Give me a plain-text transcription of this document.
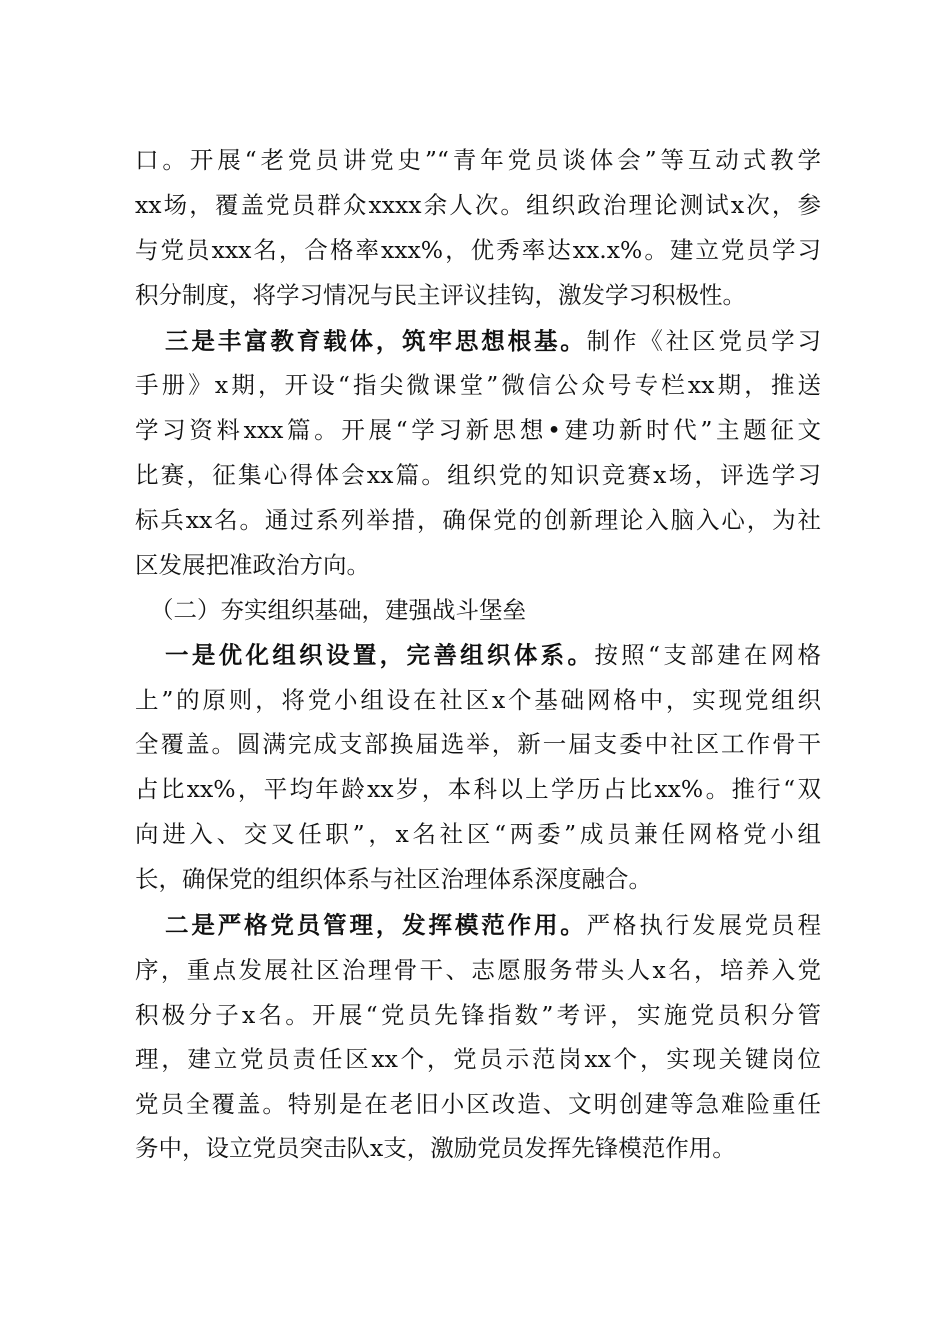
口。开展“老党员讲党史”“青年党员谈体会”等互动式教学
xx场，覆盖党员群众xxxx余人次。组织政治理论测试x次，参
与党员xxx名，合格率xxx%，优秀率达xx.x%。建立党员学习
积分制度，将学习情况与民主评议挂钩，激发学习积极性。
三是丰富教育载体，筑牢思想根基。制作《社区党员学习
手册》x期，开设“指尖微课堂”微信公众号专栏xx期，推送
学习资料xxx篇。开展“学习新思想•建功新时代”主题征文
比赛，征集心得体会xx篇。组织党的知识竞赛x场，评选学习
标兵xx名。通过系列举措，确保党的创新理论入脑入心，为社
区发展把准政治方向。
（二）夯实组织基础，建强战斗堡垒
一是优化组织设置，完善组织体系。按照“支部建在网格
上”的原则，将党小组设在社区x个基础网格中，实现党组织
全覆盖。圆满完成支部换届选举，新一届支委中社区工作骨干
占比xx%，平均年龄xx岁，本科以上学历占比xx%。推行“双
向进入、交叉任职”，x名社区“两委”成员兼任网格党小组
长，确保党的组织体系与社区治理体系深度融合。
二是严格党员管理，发挥模范作用。严格执行发展党员程
序，重点发展社区治理骨干、志愿服务带头人x名，培养入党
积极分子x名。开展“党员先锋指数”考评，实施党员积分管
理，建立党员责任区xx个，党员示范岗xx个，实现关键岗位
党员全覆盖。特别是在老旧小区改造、文明创建等急难险重任
务中，设立党员突击队x支，激励党员发挥先锋模范作用。
